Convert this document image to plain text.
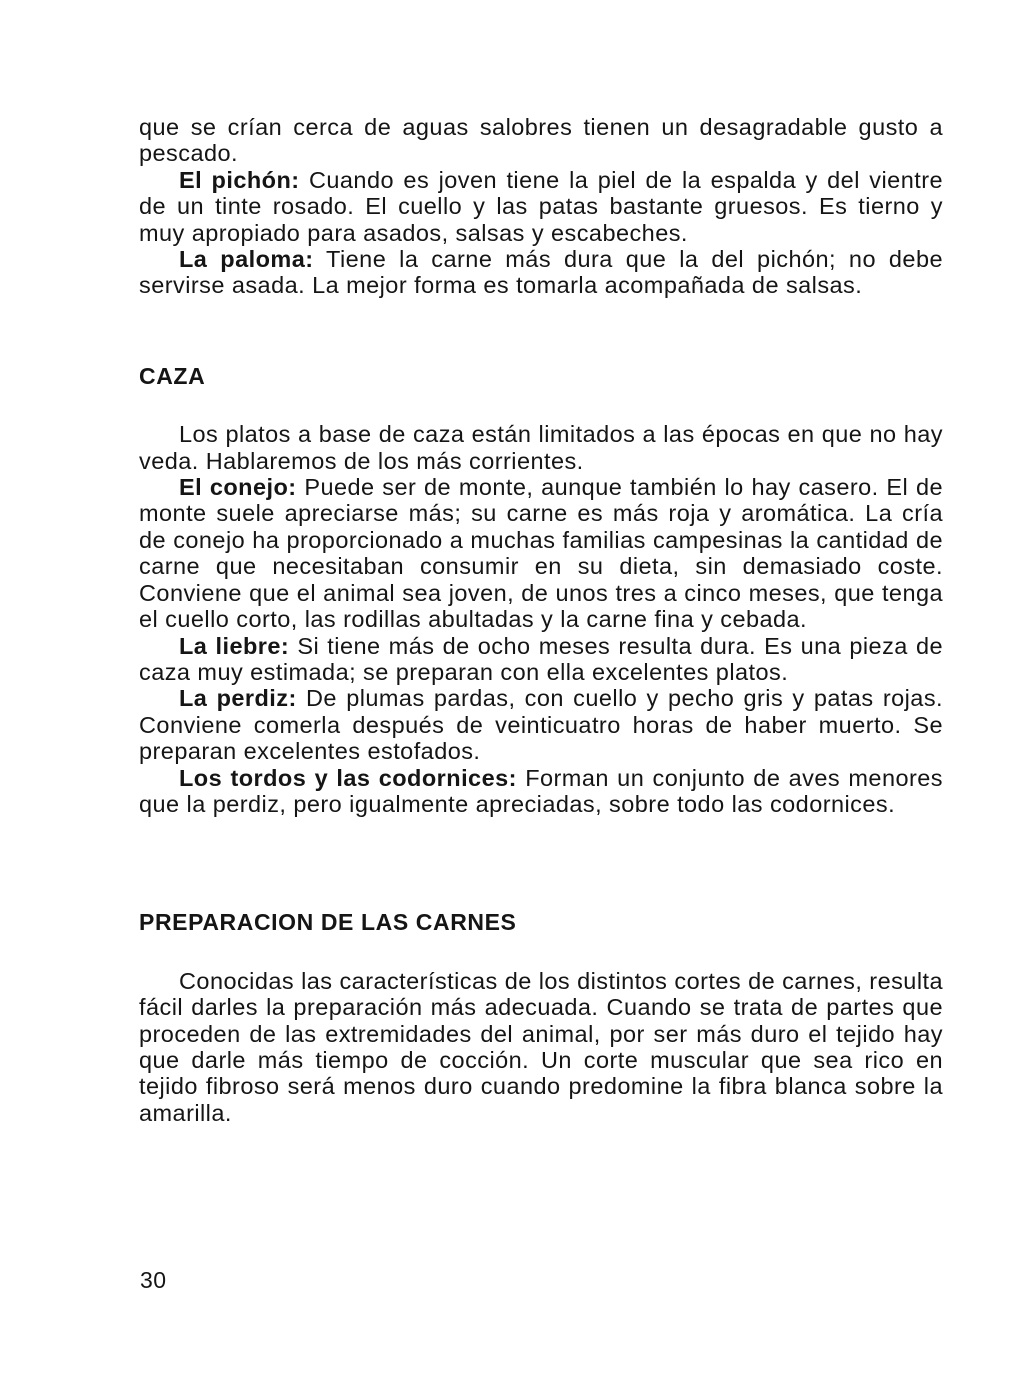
que se crían cerca de aguas salobres tienen un desagradable gusto a pescado.

El pichón: Cuando es joven tiene la piel de la espalda y del vientre de un tinte rosado. El cuello y las patas bastante gruesos. Es tierno y muy apropiado para asados, salsas y escabeches.

La paloma: Tiene la carne más dura que la del pichón; no debe servirse asada. La mejor forma es tomarla acompañada de salsas.

CAZA

Los platos a base de caza están limitados a las épocas en que no hay veda. Hablaremos de los más corrientes.

El conejo: Puede ser de monte, aunque también lo hay casero. El de monte suele apreciarse más; su carne es más roja y aromática. La cría de conejo ha proporcionado a muchas familias campesinas la cantidad de carne que necesitaban consumir en su dieta, sin demasiado coste. Conviene que el animal sea joven, de unos tres a cinco meses, que tenga el cuello corto, las rodillas abultadas y la carne fina y cebada.

La liebre: Si tiene más de ocho meses resulta dura. Es una pieza de caza muy estimada; se preparan con ella excelentes platos.

La perdiz: De plumas pardas, con cuello y pecho gris y patas rojas. Conviene comerla después de veinticuatro horas de haber muerto. Se preparan excelentes estofados.

Los tordos y las codornices: Forman un conjunto de aves menores que la perdiz, pero igualmente apreciadas, sobre todo las codornices.

PREPARACION DE LAS CARNES

Conocidas las características de los distintos cortes de carnes, resulta fácil darles la preparación más adecuada. Cuando se trata de partes que proceden de las extremidades del animal, por ser más duro el tejido hay que darle más tiempo de cocción. Un corte muscular que sea rico en tejido fibroso será menos duro cuando predomine la fibra blanca sobre la amarilla.

30
